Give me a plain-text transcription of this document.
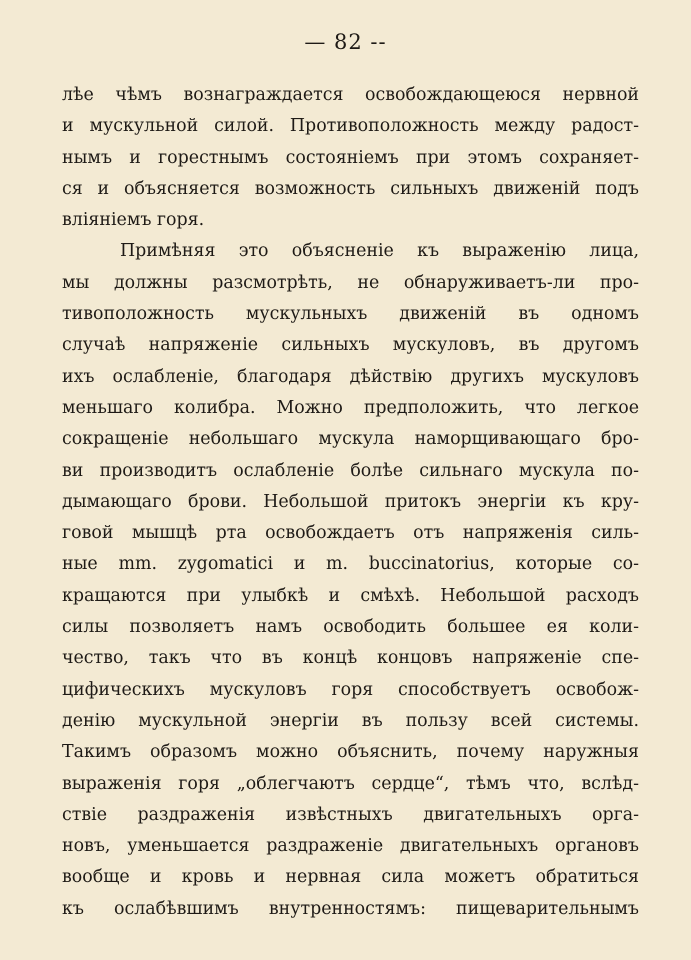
— 82 --
лѣе чѣмъ вознаграждается освобождающеюся нервной
и мускульной силой. Противоположность между радост-
нымъ и горестнымъ состояніемъ при этомъ сохраняет-
ся и объясняется возможность сильныхъ движеній подъ
вліяніемъ горя.
Примѣняя это объясненіе къ выраженію лица,
мы должны разсмотрѣть, не обнаруживаетъ-ли про-
тивоположность мускульныхъ движеній въ одномъ
случаѣ напряженіе сильныхъ мускуловъ, въ другомъ
ихъ ослабленіе, благодаря дѣйствію другихъ мускуловъ
меньшаго колибра. Можно предположить, что легкое
сокращеніе небольшаго мускула наморщивающаго бро-
ви производитъ ослабленіе болѣе сильнаго мускула по-
дымающаго брови. Небольшой притокъ энергіи къ кру-
говой мышцѣ рта освобождаетъ отъ напряженія силь-
ные mm. zygomatici и m. buccinatorius, которые со-
кращаются при улыбкѣ и смѣхѣ. Небольшой расходъ
силы позволяетъ намъ освободить большее ея коли-
чество, такъ что въ концѣ концовъ напряженіе спе-
цифическихъ мускуловъ горя способствуетъ освобож-
денію мускульной энергіи въ пользу всей системы.
Такимъ образомъ можно объяснить, почему наружныя
выраженія горя „облегчаютъ сердце“, тѣмъ что, вслѣд-
ствіе раздраженія извѣстныхъ двигательныхъ орга-
новъ, уменьшается раздраженіе двигательныхъ органовъ
вообще и кровь и нервная сила можетъ обратиться
къ ослабѣвшимъ внутренностямъ: пищеварительнымъ
